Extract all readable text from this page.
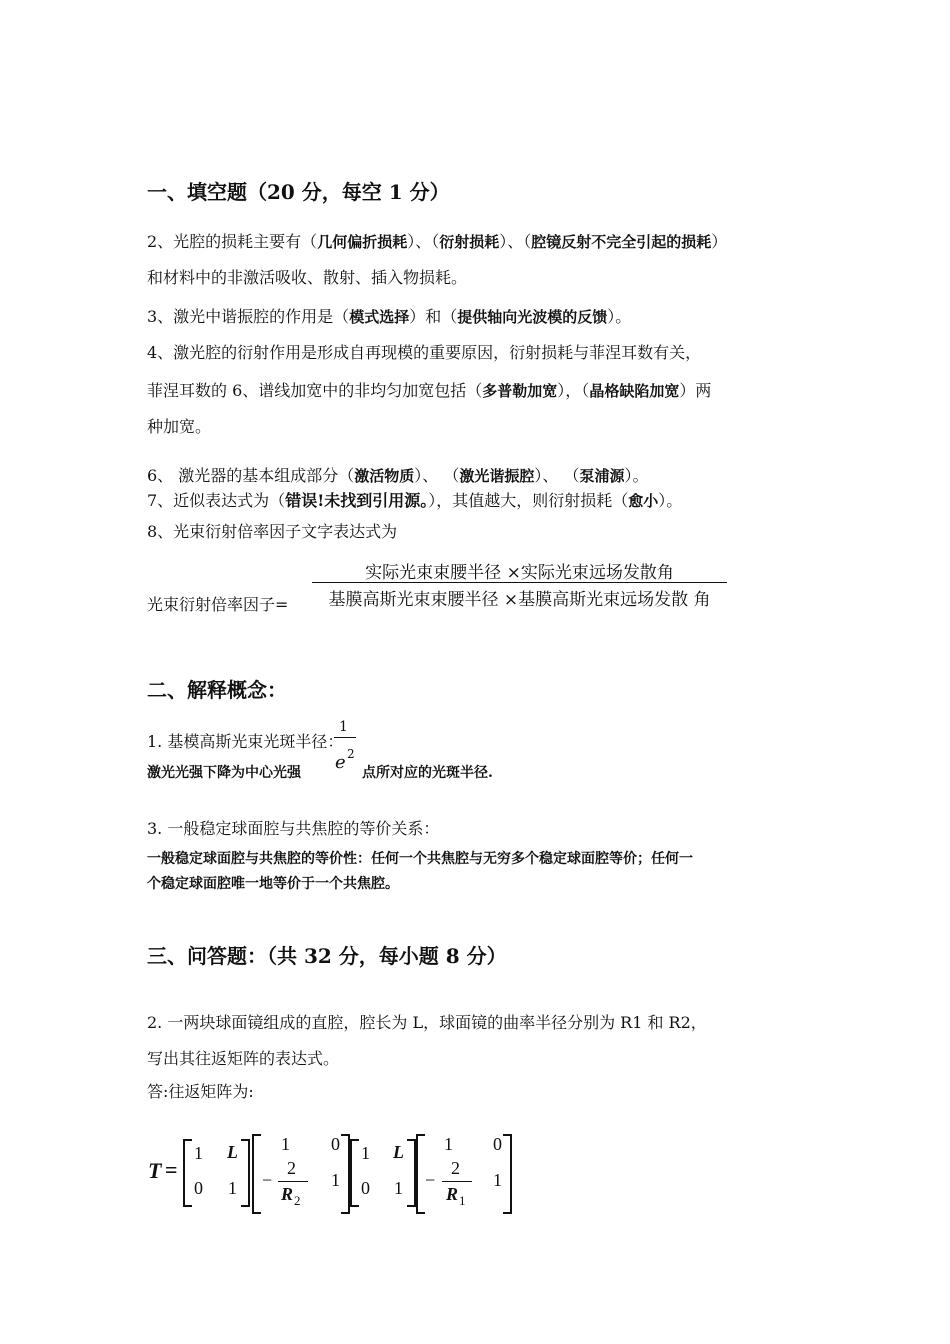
一、填空题（20 分，每空 1 分）
2、光腔的损耗主要有（几何偏折损耗）、（衍射损耗）、（腔镜反射不完全引起的损耗）
和材料中的非激活吸收、散射、插入物损耗。
3、激光中谐振腔的作用是（模式选择）和（提供轴向光波模的反馈）。
4、激光腔的衍射作用是形成自再现模的重要原因，衍射损耗与菲涅耳数有关，
菲涅耳数的 6、谱线加宽中的非均匀加宽包括（多普勒加宽），（晶格缺陷加宽）两
种加宽。
6、 激光器的基本组成部分（激活物质）、 （激光谐振腔）、 （泵浦源）。
7、近似表达式为（错误!未找到引用源。），其值越大，则衍射损耗（愈小）。
8、光束衍射倍率因子文字表达式为
光束衍射倍率因子=
实际光束束腰半径 ×实际光束远场发散角
基膜高斯光束束腰半径 ×基膜高斯光束远场发散 角
二、解释概念：
1. 基模高斯光束光斑半径：
1
e 2
激光光强下降为中心光强	点所对应的光斑半径.
3. 一般稳定球面腔与共焦腔的等价关系：
一般稳定球面腔与共焦腔的等价性：任何一个共焦腔与无穷多个稳定球面腔等价；任何一
个稳定球面腔唯一地等价于一个共焦腔。
三、问答题：（共 32 分，每小题 8 分）
2. 一两块球面镜组成的直腔，腔长为 L，球面镜的曲率半径分别为 R1 和 R2，
写出其往返矩阵的表达式。
答:往返矩阵为:
T =
1 L
0 1
1 0
−
2
R 2
1
1 L
0 1
1 0
−
2
R 1
1
